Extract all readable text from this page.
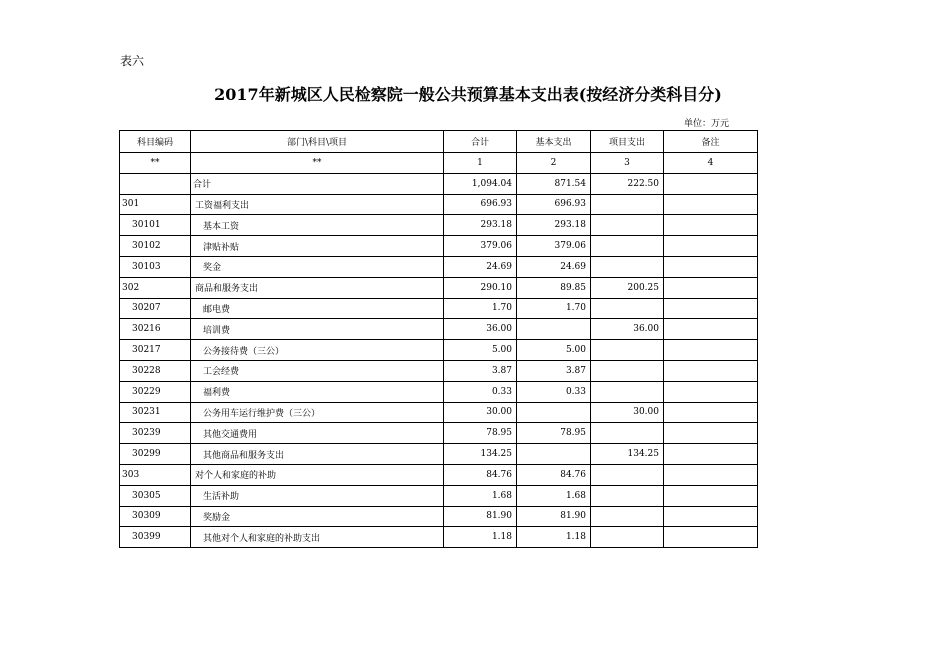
表六
2017年新城区人民检察院一般公共预算基本支出表(按经济分类科目分)
单位：万元
科目编码	部门\科目\项目	合计	基本支出	项目支出	备注
**	**	1	2	3	4
	合计	1,094.04	871.54	222.50	
301	工资福利支出	696.93	696.93		
30101	基本工资	293.18	293.18		
30102	津贴补贴	379.06	379.06		
30103	奖金	24.69	24.69		
302	商品和服务支出	290.10	89.85	200.25	
30207	邮电费	1.70	1.70		
30216	培训费	36.00		36.00	
30217	公务接待费（三公）	5.00	5.00		
30228	工会经费	3.87	3.87		
30229	福利费	0.33	0.33		
30231	公务用车运行维护费（三公）	30.00		30.00	
30239	其他交通费用	78.95	78.95		
30299	其他商品和服务支出	134.25		134.25	
303	对个人和家庭的补助	84.76	84.76		
30305	生活补助	1.68	1.68		
30309	奖励金	81.90	81.90		
30399	其他对个人和家庭的补助支出	1.18	1.18		
